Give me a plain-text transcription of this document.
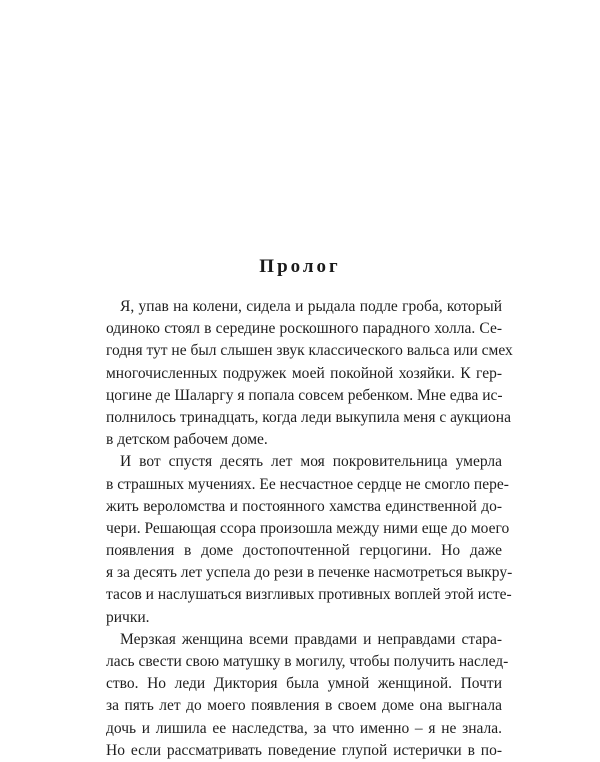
Пролог
Я, упав на колени, сидела и рыдала подле гроба, который
одиноко стоял в середине роскошного парадного холла. Се-
годня тут не был слышен звук классического вальса или смех
многочисленных подружек моей покойной хозяйки. К гер-
цогине де Шаларгу я попала совсем ребенком. Мне едва ис-
полнилось тринадцать, когда леди выкупила меня с аукциона
в детском рабочем доме.
И вот спустя десять лет моя покровительница умерла
в страшных мучениях. Ее несчастное сердце не смогло пере-
жить вероломства и постоянного хамства единственной до-
чери. Решающая ссора произошла между ними еще до моего
появления в доме достопочтенной герцогини. Но даже
я за десять лет успела до рези в печенке насмотреться выкру-
тасов и наслушаться визгливых противных воплей этой исте-
рички.
Мерзкая женщина всеми правдами и неправдами стара-
лась свести свою матушку в могилу, чтобы получить наслед-
ство. Но леди Диктория была умной женщиной. Почти
за пять лет до моего появления в своем доме она выгнала
дочь и лишила ее наследства, за что именно – я не знала.
Но если рассматривать поведение глупой истерички в по-
